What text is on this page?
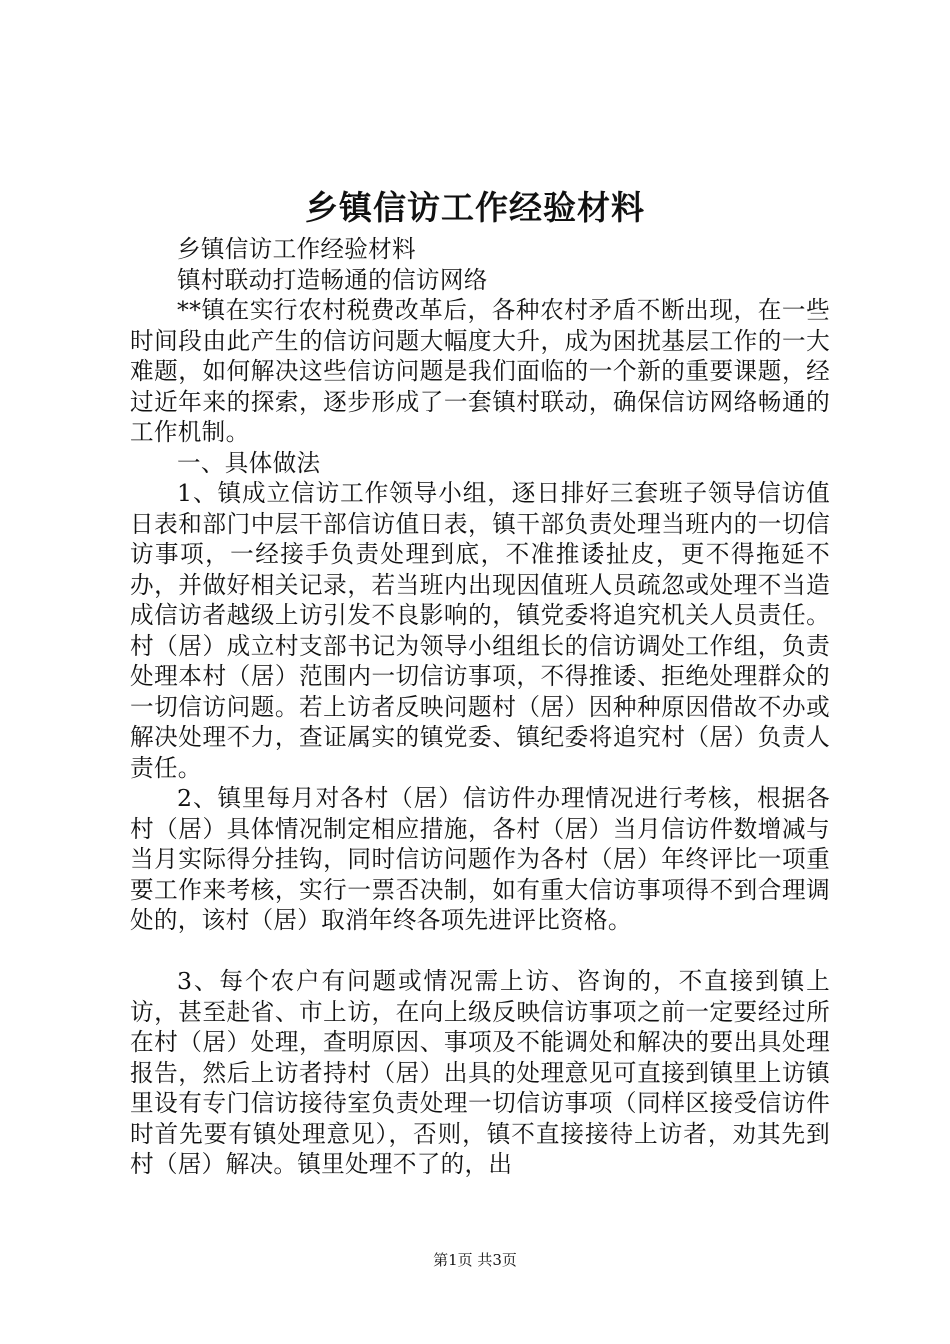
乡镇信访工作经验材料

乡镇信访工作经验材料

镇村联动打造畅通的信访网络

**镇在实行农村税费改革后，各种农村矛盾不断出现，在一些时间段由此产生的信访问题大幅度大升，成为困扰基层工作的一大难题，如何解决这些信访问题是我们面临的一个新的重要课题，经过近年来的探索，逐步形成了一套镇村联动，确保信访网络畅通的工作机制。

一、具体做法

1、镇成立信访工作领导小组，逐日排好三套班子领导信访值日表和部门中层干部信访值日表，镇干部负责处理当班内的一切信访事项，一经接手负责处理到底，不准推诿扯皮，更不得拖延不办，并做好相关记录，若当班内出现因值班人员疏忽或处理不当造成信访者越级上访引发不良影响的，镇党委将追究机关人员责任。村（居）成立村支部书记为领导小组组长的信访调处工作组，负责处理本村（居）范围内一切信访事项，不得推诿、拒绝处理群众的一切信访问题。若上访者反映问题村（居）因种种原因借故不办或解决处理不力，查证属实的镇党委、镇纪委将追究村（居）负责人责任。

2、镇里每月对各村（居）信访件办理情况进行考核，根据各村（居）具体情况制定相应措施，各村（居）当月信访件数增减与当月实际得分挂钩，同时信访问题作为各村（居）年终评比一项重要工作来考核，实行一票否决制，如有重大信访事项得不到合理调处的，该村（居）取消年终各项先进评比资格。

3、每个农户有问题或情况需上访、咨询的，不直接到镇上访，甚至赴省、市上访，在向上级反映信访事项之前一定要经过所在村（居）处理，查明原因、事项及不能调处和解决的要出具处理报告，然后上访者持村（居）出具的处理意见可直接到镇里上访镇里设有专门信访接待室负责处理一切信访事项（同样区接受信访件时首先要有镇处理意见），否则，镇不直接接待上访者，劝其先到村（居）解决。镇里处理不了的，出

第1页 共3页
